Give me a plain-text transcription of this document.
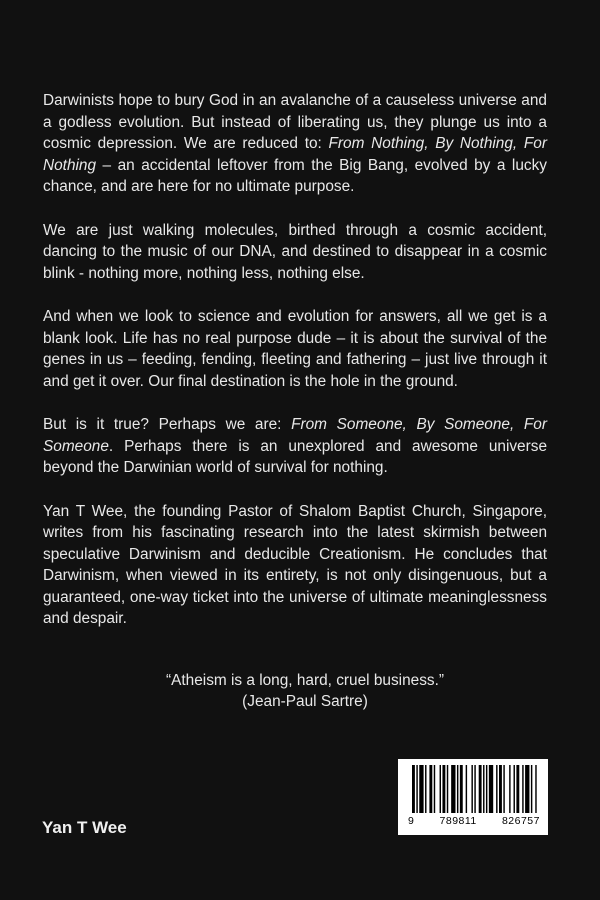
Darwinists hope to bury God in an avalanche of a causeless universe and a godless evolution. But instead of liberating us, they plunge us into a cosmic depression. We are reduced to: From Nothing, By Nothing, For Nothing – an accidental leftover from the Big Bang, evolved by a lucky chance, and are here for no ultimate purpose.

We are just walking molecules, birthed through a cosmic accident, dancing to the music of our DNA, and destined to disappear in a cosmic blink - nothing more, nothing less, nothing else.

And when we look to science and evolution for answers, all we get is a blank look. Life has no real purpose dude – it is about the survival of the genes in us – feeding, fending, fleeting and fathering – just live through it and get it over. Our final destination is the hole in the ground.

But is it true? Perhaps we are: From Someone, By Someone, For Someone. Perhaps there is an unexplored and awesome universe beyond the Darwinian world of survival for nothing.

Yan T Wee, the founding Pastor of Shalom Baptist Church, Singapore, writes from his fascinating research into the latest skirmish between speculative Darwinism and deducible Creationism. He concludes that Darwinism, when viewed in its entirety, is not only disingenuous, but a guaranteed, one-way ticket into the universe of ultimate meaninglessness and despair.

“Atheism is a long, hard, cruel business.”
(Jean-Paul Sartre)
Yan T Wee	9 789811 826757
